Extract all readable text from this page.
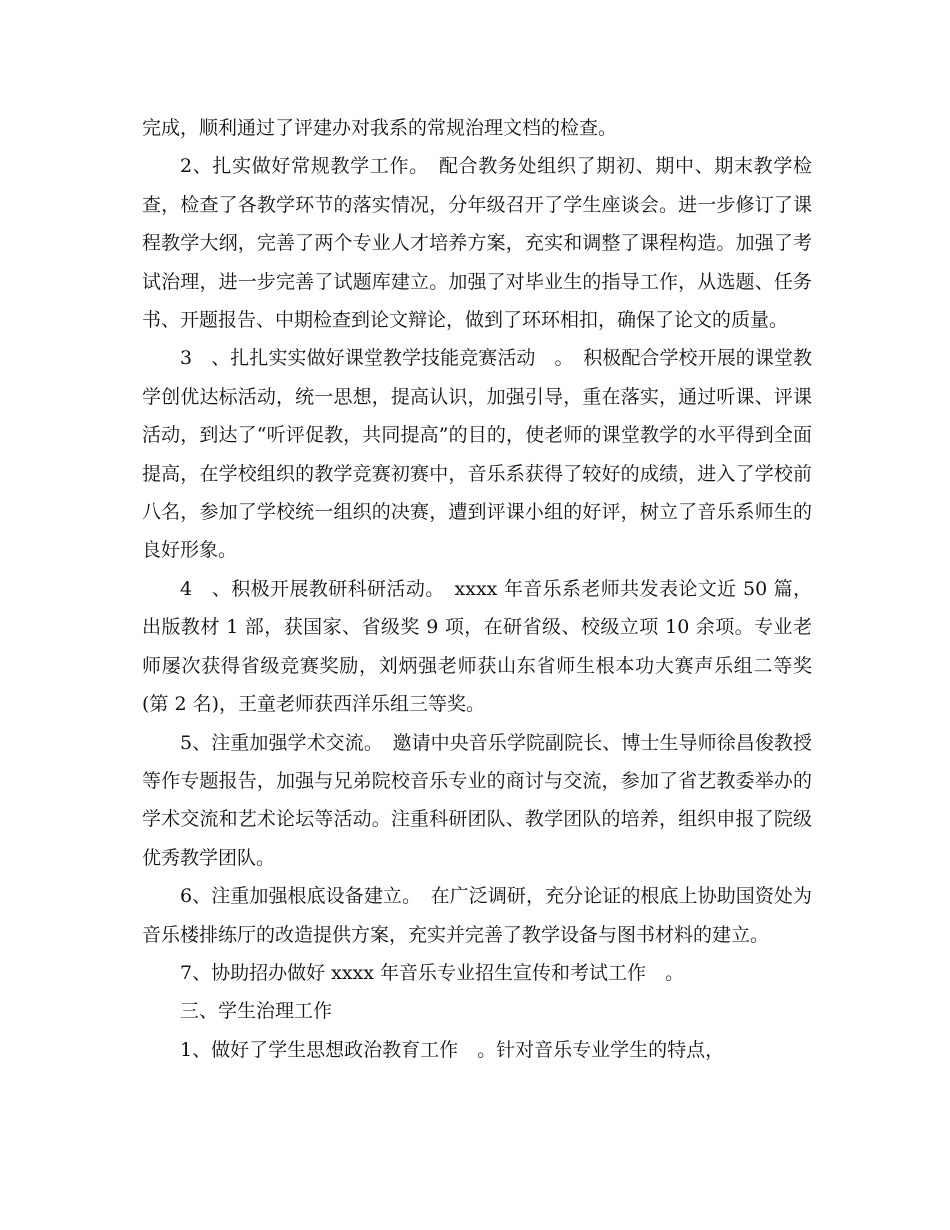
完成，顺利通过了评建办对我系的常规治理文档的检查。

2、扎实做好常规教学工作。　配合教务处组织了期初、期中、期末教学检查，检查了各教学环节的落实情况，分年级召开了学生座谈会。进一步修订了课程教学大纲，完善了两个专业人才培养方案，充实和调整了课程构造。加强了考试治理，进一步完善了试题库建立。加强了对毕业生的指导工作，从选题、任务书、开题报告、中期检查到论文辩论，做到了环环相扣，确保了论文的质量。

3　、扎扎实实做好课堂教学技能竞赛活动　。　积极配合学校开展的课堂教学创优达标活动，统一思想，提高认识，加强引导，重在落实，通过听课、评课活动，到达了“听评促教，共同提高”的目的，使老师的课堂教学的水平得到全面提高，在学校组织的教学竞赛初赛中，音乐系获得了较好的成绩，进入了学校前八名，参加了学校统一组织的决赛，遭到评课小组的好评，树立了音乐系师生的良好形象。

4　、积极开展教研科研活动。　xxxx 年音乐系老师共发表论文近 50 篇，出版教材 1 部，获国家、省级奖 9 项，在研省级、校级立项 10 余项。专业老师屡次获得省级竞赛奖励，刘炳强老师获山东省师生根本功大赛声乐组二等奖(第 2 名)，王童老师获西洋乐组三等奖。

5、注重加强学术交流。　邀请中央音乐学院副院长、博士生导师徐昌俊教授等作专题报告，加强与兄弟院校音乐专业的商讨与交流，参加了省艺教委举办的学术交流和艺术论坛等活动。注重科研团队、教学团队的培养，组织申报了院级优秀教学团队。

6、注重加强根底设备建立。　在广泛调研，充分论证的根底上协助国资处为音乐楼排练厅的改造提供方案，充实并完善了教学设备与图书材料的建立。

7、协助招办做好 xxxx 年音乐专业招生宣传和考试工作　。

三、学生治理工作

1、做好了学生思想政治教育工作　。针对音乐专业学生的特点，
